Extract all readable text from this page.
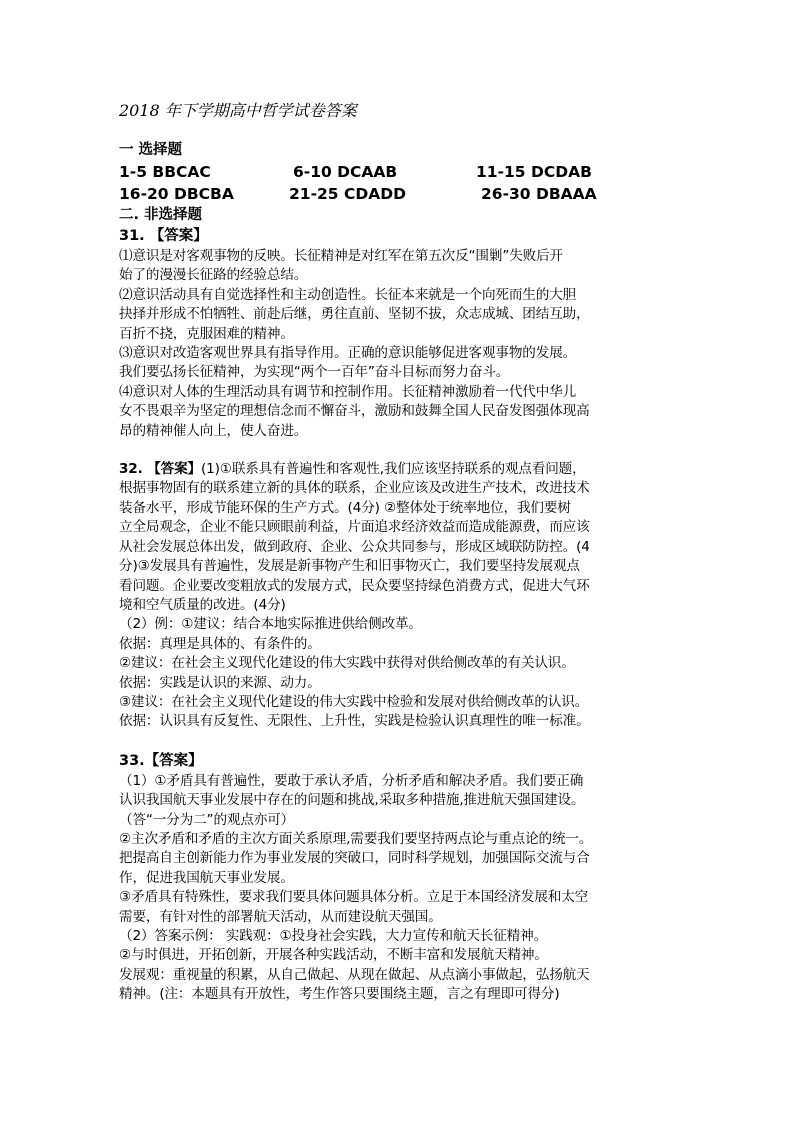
2018 年下学期高中哲学试卷答案
一 选择题
1-5 BBCAC	6-10 DCAAB	11-15 DCDAB
16-20 DBCBA	21-25 CDADD	26-30 DBAAA
二. 非选择题
31. 【答案】

⑴意识是对客观事物的反映。长征精神是对红军在第五次反“围剿”失败后开

始了的漫漫长征路的经验总结。

⑵意识活动具有自觉选择性和主动创造性。长征本来就是一个向死而生的大胆

抉择并形成不怕牺牲、前赴后继，勇往直前、坚韧不拔，众志成城、团结互助，

百折不挠，克服困难的精神。

⑶意识对改造客观世界具有指导作用。正确的意识能够促进客观事物的发展。

我们要弘扬长征精神，为实现“两个一百年”奋斗目标而努力奋斗。

⑷意识对人体的生理活动具有调节和控制作用。长征精神激励着一代代中华儿

女不畏艰辛为坚定的理想信念而不懈奋斗，激励和鼓舞全国人民奋发图强体现高

昂的精神催人向上，使人奋进。

32. 【答案】(1)①联系具有普遍性和客观性,我们应该坚持联系的观点看问题，

根据事物固有的联系建立新的具体的联系，企业应该及改进生产技术，改进技术

装备水平，形成节能环保的生产方式。(4分) ②整体处于统率地位，我们要树

立全局观念，企业不能只顾眼前利益，片面追求经济效益而造成能源费，而应该

从社会发展总体出发，做到政府、企业、公众共同参与，形成区域联防防控。(4

分)③发展具有普遍性，发展是新事物产生和旧事物灭亡，我们要坚持发展观点

看问题。企业要改变粗放式的发展方式，民众要坚持绿色消费方式，促进大气环

境和空气质量的改进。(4分)

（2）例：①建议：结合本地实际推进供给侧改革。

依据：真理是具体的、有条件的。

②建议：在社会主义现代化建设的伟大实践中获得对供给侧改革的有关认识。

依据：实践是认识的来源、动力。

③建议：在社会主义现代化建设的伟大实践中检验和发展对供给侧改革的认识。

依据：认识具有反复性、无限性、上升性，实践是检验认识真理性的唯一标准。

33.【答案】

（1）①矛盾具有普遍性，要敢于承认矛盾，分析矛盾和解决矛盾。我们要正确

认识我国航天事业发展中存在的问题和挑战,采取多种措施,推进航天强国建设。

（答“一分为二”的观点亦可）

②主次矛盾和矛盾的主次方面关系原理,需要我们要坚持两点论与重点论的统一。

把提高自主创新能力作为事业发展的突破口，同时科学规划，加强国际交流与合

作，促进我国航天事业发展。

③矛盾具有特殊性，要求我们要具体问题具体分析。立足于本国经济发展和太空

需要，有针对性的部署航天活动，从而建设航天强国。

（2）答案示例： 实践观：①投身社会实践，大力宣传和航天长征精神。

②与时俱进，开拓创新，开展各种实践活动，不断丰富和发展航天精神。

发展观：重视量的积累，从自己做起、从现在做起、从点滴小事做起，弘扬航天

精神。(注：本题具有开放性，考生作答只要围绕主题，言之有理即可得分)
